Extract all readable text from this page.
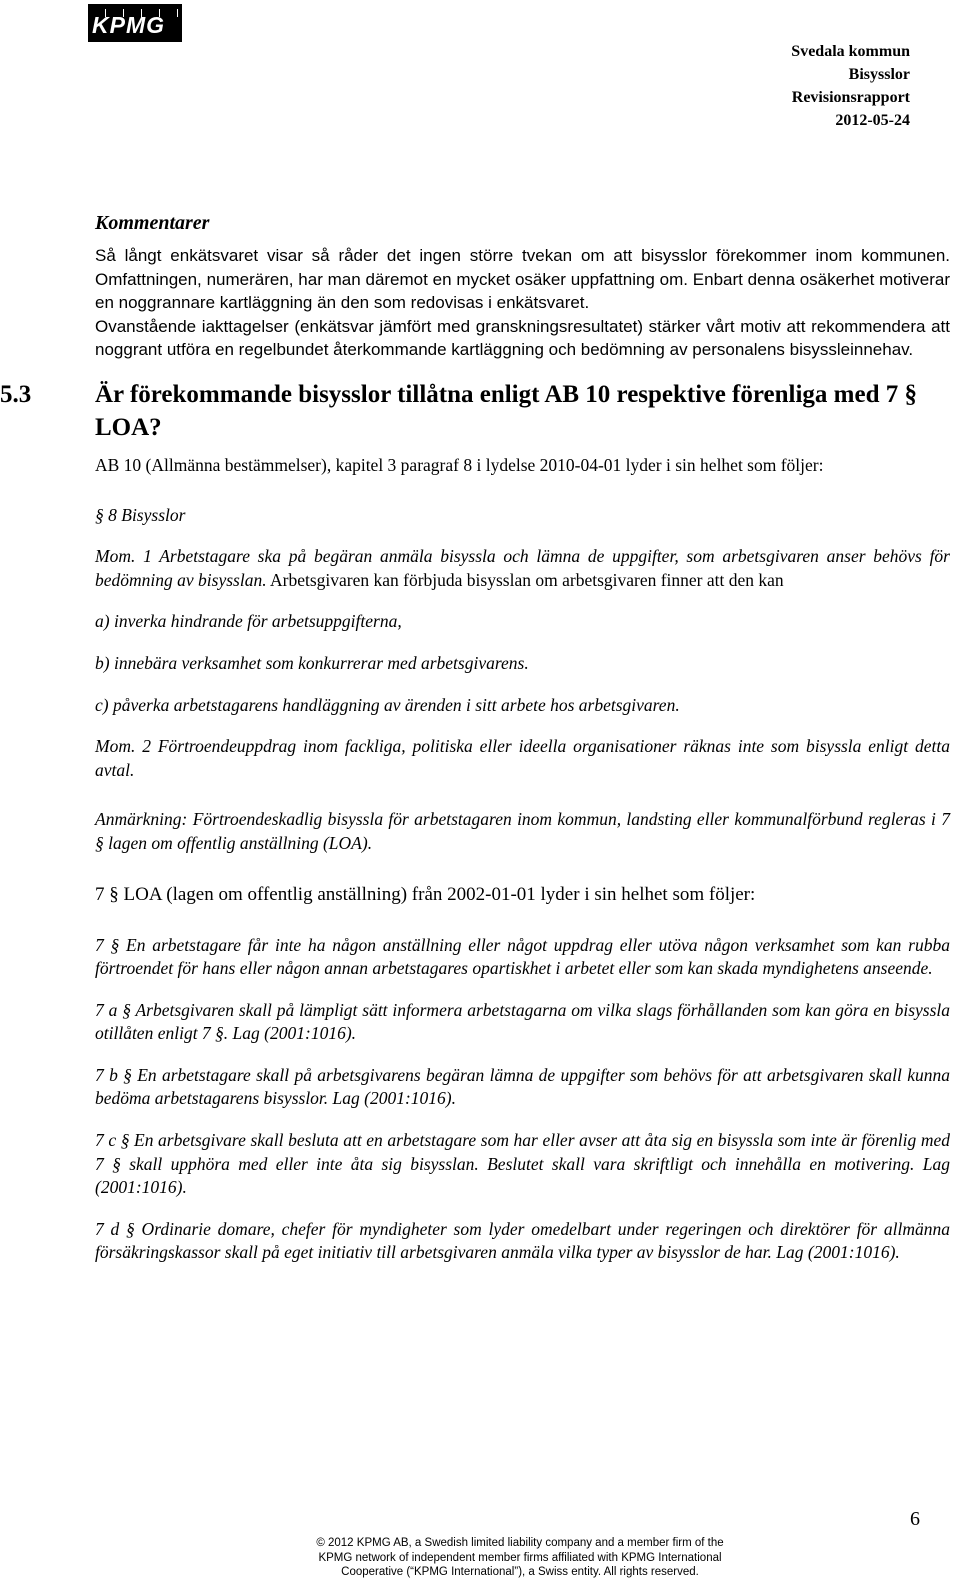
KPMG
Svedala kommun
Bisysslor
Revisionsrapport
2012-05-24
Kommentarer

Så långt enkätsvaret visar så råder det ingen större tvekan om att bisysslor förekommer inom kommunen. Omfattningen, numerären, har man däremot en mycket osäker uppfattning om. Enbart denna osäkerhet motiverar en noggrannare kartläggning än den som redovisas i enkätsvaret.

Ovanstående iakttagelser (enkätsvar jämfört med granskningsresultatet) stärker vårt motiv att rekommendera att noggrant utföra en regelbundet återkommande kartläggning och bedömning av personalens bisyssleinnehav.

5.3	Är förekommande bisysslor tillåtna enligt AB 10 respektive förenliga med 7 § LOA?

AB 10 (Allmänna bestämmelser), kapitel 3 paragraf 8 i lydelse 2010-04-01 lyder i sin helhet som följer:

§ 8 Bisysslor

Mom. 1 Arbetstagare ska på begäran anmäla bisyssla och lämna de uppgifter, som arbetsgivaren anser behövs för bedömning av bisysslan. Arbetsgivaren kan förbjuda bisysslan om arbetsgivaren finner att den kan

a) inverka hindrande för arbetsuppgifterna,

b) innebära verksamhet som konkurrerar med arbetsgivarens.

c) påverka arbetstagarens handläggning av ärenden i sitt arbete hos arbetsgivaren.

Mom. 2 Förtroendeuppdrag inom fackliga, politiska eller ideella organisationer räknas inte som bisyssla enligt detta avtal.

Anmärkning: Förtroendeskadlig bisyssla för arbetstagaren inom kommun, landsting eller kommunalförbund regleras i 7 § lagen om offentlig anställning (LOA).

7 § LOA (lagen om offentlig anställning) från 2002-01-01 lyder i sin helhet som följer:

7 § En arbetstagare får inte ha någon anställning eller något uppdrag eller utöva någon verksamhet som kan rubba förtroendet för hans eller någon annan arbetstagares opartiskhet i arbetet eller som kan skada myndighetens anseende.

7 a § Arbetsgivaren skall på lämpligt sätt informera arbetstagarna om vilka slags förhållanden som kan göra en bisyssla otillåten enligt 7 §. Lag (2001:1016).

7 b § En arbetstagare skall på arbetsgivarens begäran lämna de uppgifter som behövs för att arbetsgivaren skall kunna bedöma arbetstagarens bisysslor. Lag (2001:1016).

7 c § En arbetsgivare skall besluta att en arbetstagare som har eller avser att åta sig en bisyssla som inte är förenlig med 7 § skall upphöra med eller inte åta sig bisysslan. Beslutet skall vara skriftligt och innehålla en motivering. Lag (2001:1016).

7 d § Ordinarie domare, chefer för myndigheter som lyder omedelbart under regeringen och direktörer för allmänna försäkringskassor skall på eget initiativ till arbetsgivaren anmäla vilka typer av bisysslor de har. Lag (2001:1016).

6
© 2012 KPMG AB, a Swedish limited liability company and a member firm of the
KPMG network of independent member firms affiliated with KPMG International
Cooperative (“KPMG International”), a Swiss entity. All rights reserved.
